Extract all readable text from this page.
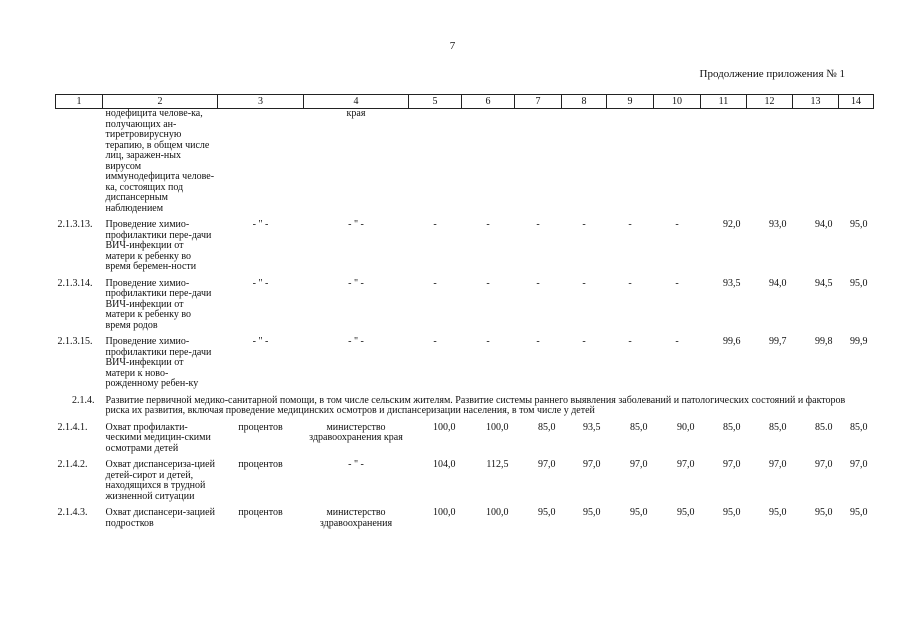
7
Продолжение приложения № 1
1	2	3	4	5	6	7	8	9	10	11	12	13	14
	нодефицита челове-ка, получающих ан-тиретровирусную терапию, в общем числе лиц, заражен-ных вирусом иммунодефицита челове-ка, состоящих под диспансерным наблюдением		края										
2.1.3.13.	Проведение химио-профилактики пере-дачи ВИЧ-инфекции от матери к ребенку во время беремен-ности	- " -	- " -	-	-	-	-	-	-	92,0	93,0	94,0	95,0
2.1.3.14.	Проведение химио-профилактики пере-дачи ВИЧ-инфекции от матери к ребенку во время родов	- " -	- " -	-	-	-	-	-	-	93,5	94,0	94,5	95,0
2.1.3.15.	Проведение химио-профилактики пере-дачи ВИЧ-инфекции от матери к ново-рожденному ребен-ку	- " -	- " -	-	-	-	-	-	-	99,6	99,7	99,8	99,9
2.1.4.	Развитие первичной медико-санитарной помощи, в том числе сельским жителям. Развитие системы раннего выявления заболеваний и патологических состояний и факторов риска их развития, включая проведение медицинских осмотров и диспансеризации населения, в том числе у детей												
2.1.4.1.	Охват профилакти-ческими медицин-скими осмотрами детей	процентов	министерство здравоохранения края	100,0	100,0	85,0	93,5	85,0	90,0	85,0	85,0	85.0	85,0
2.1.4.2.	Охват диспансериза-цией детей-сирот и детей, находящихся в трудной жизненной ситуации	процентов	- " -	104,0	112,5	97,0	97,0	97,0	97,0	97,0	97,0	97,0	97,0
2.1.4.3.	Охват диспансери-зацией подростков	процентов	министерство здравоохранения	100,0	100,0	95,0	95,0	95,0	95,0	95,0	95,0	95,0	95,0
